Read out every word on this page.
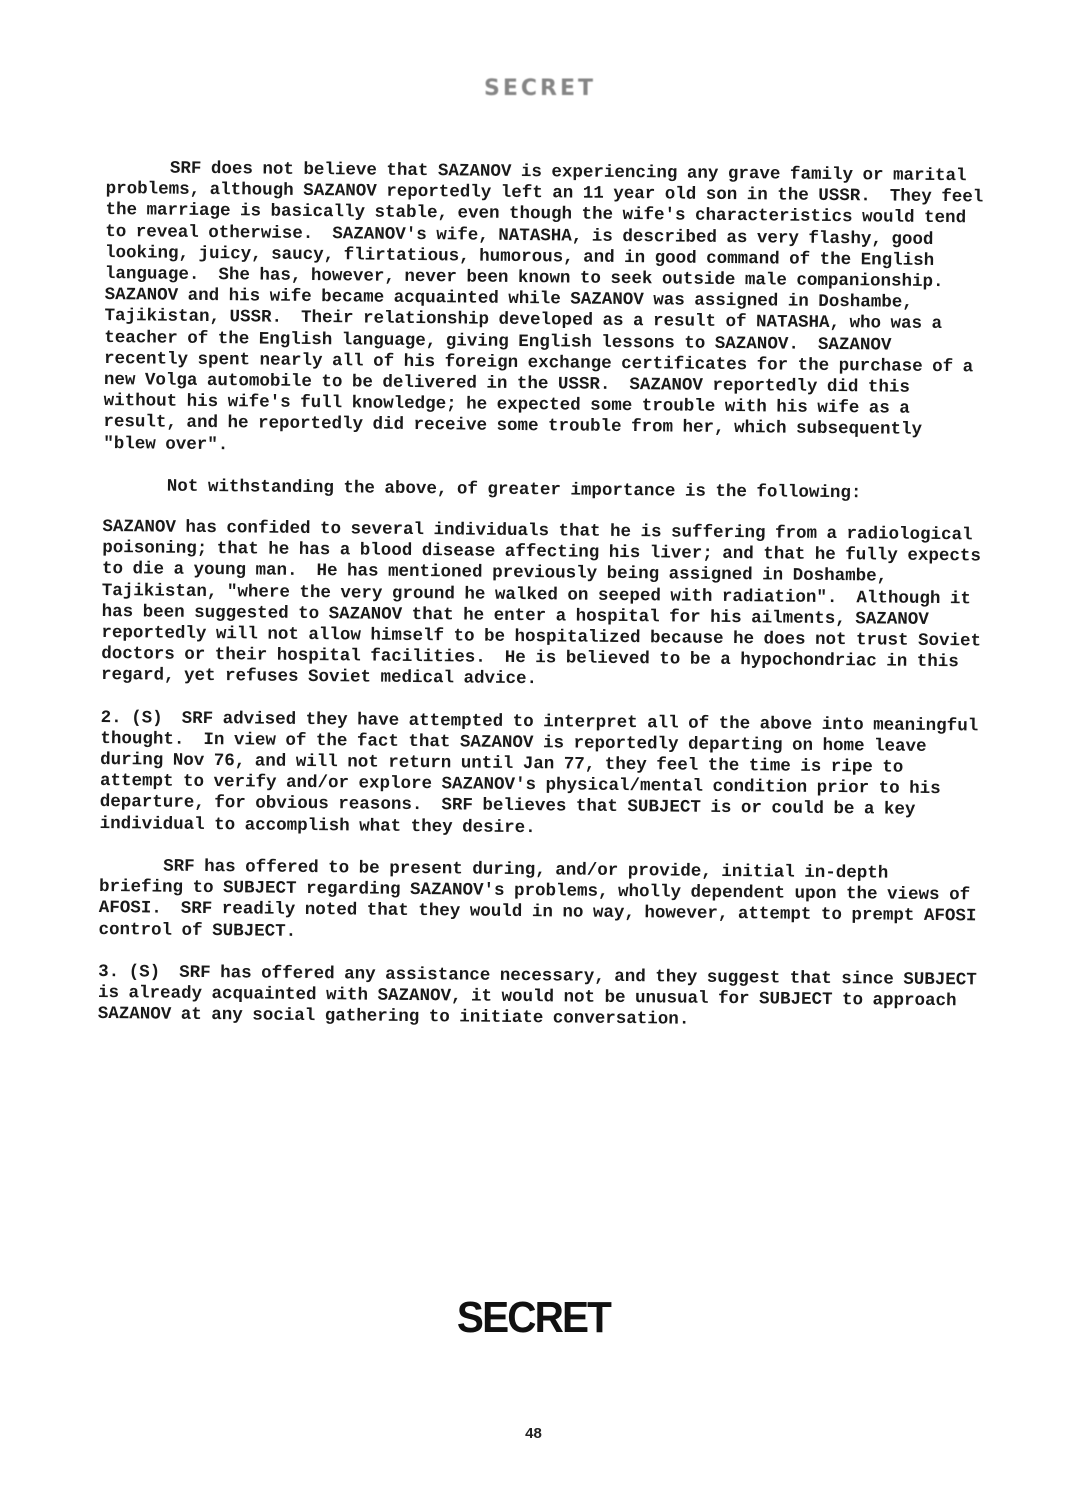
SECRET

SRF does not believe that SAZANOV is experiencing any grave family or marital problems, although SAZANOV reportedly left an 11 year old son in the USSR.  They feel the marriage is basically stable, even though the wife's characteristics would tend to reveal otherwise.  SAZANOV's wife, NATASHA, is described as very flashy, good looking, juicy, saucy, flirtatious, humorous, and in good command of the English language.  She has, however, never been known to seek outside male companionship.  SAZANOV and his wife became acquainted while SAZANOV was assigned in Doshambe, Tajikistan, USSR.  Their relationship developed as a result of NATASHA, who was a teacher of the English language, giving English lessons to SAZANOV.  SAZANOV recently spent nearly all of his foreign exchange certificates for the purchase of a new Volga automobile to be delivered in the USSR.  SAZANOV reportedly did this without his wife's full knowledge; he expected some trouble with his wife as a result, and he reportedly did receive some trouble from her, which subsequently "blew over".

Not withstanding the above, of greater importance is the following:

SAZANOV has confided to several individuals that he is suffering from a radiological poisoning; that he has a blood disease affecting his liver; and that he fully expects to die a young man.  He has mentioned previously being assigned in Doshambe, Tajikistan, "where the very ground he walked on seeped with radiation".  Although it has been suggested to SAZANOV that he enter a hospital for his ailments, SAZANOV reportedly will not allow himself to be hospitalized because he does not trust Soviet doctors or their hospital facilities.  He is believed to be a hypochondriac in this regard, yet refuses Soviet medical advice.

2. (S)  SRF advised they have attempted to interpret all of the above into meaningful thought.  In view of the fact that SAZANOV is reportedly departing on home leave during Nov 76, and will not return until Jan 77, they feel the time is ripe to attempt to verify and/or explore SAZANOV's physical/mental condition prior to his departure, for obvious reasons.  SRF believes that SUBJECT is or could be a key individual to accomplish what they desire.

SRF has offered to be present during, and/or provide, initial in-depth briefing to SUBJECT regarding SAZANOV's problems, wholly dependent upon the views of AFOSI.  SRF readily noted that they would in no way, however, attempt to prempt AFOSI control of SUBJECT.

3. (S)  SRF has offered any assistance necessary, and they suggest that since SUBJECT is already acquainted with SAZANOV, it would not be unusual for SUBJECT to approach SAZANOV at any social gathering to initiate conversation.

SECRET
48
